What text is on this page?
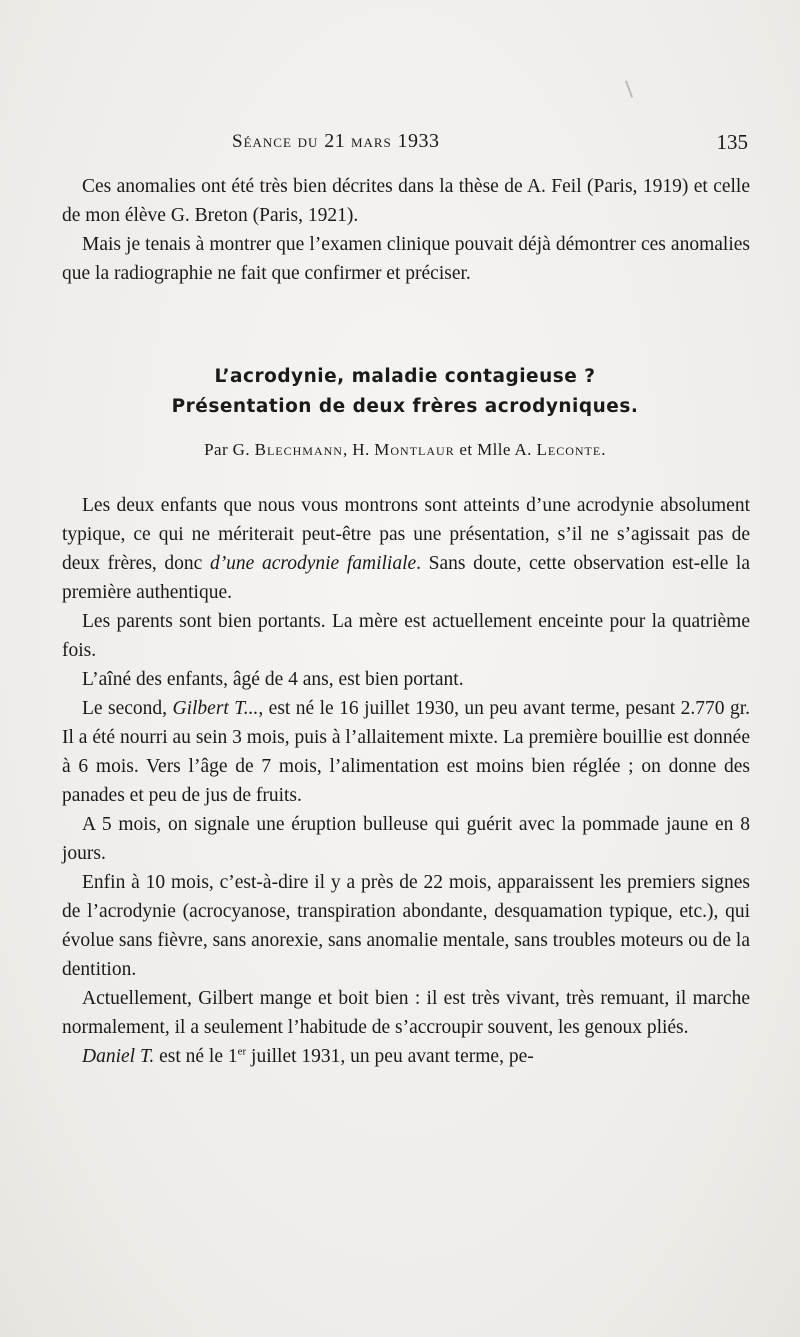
Séance du 21 mars 1933	135

Ces anomalies ont été très bien décrites dans la thèse de A. Feil (Paris, 1919) et celle de mon élève G. Breton (Paris, 1921).

Mais je tenais à montrer que l’examen clinique pouvait déjà démontrer ces anomalies que la radiographie ne fait que confirmer et préciser.

L’acrodynie, maladie contagieuse ?
Présentation de deux frères acrodyniques.
Par G. Blechmann, H. Montlaur et Mlle A. Leconte.

Les deux enfants que nous vous montrons sont atteints d’une acrodynie absolument typique, ce qui ne mériterait peut-être pas une présentation, s’il ne s’agissait pas de deux frères, donc d’une acrodynie familiale. Sans doute, cette observation est-elle la première authentique.

Les parents sont bien portants. La mère est actuellement enceinte pour la quatrième fois.

L’aîné des enfants, âgé de 4 ans, est bien portant.

Le second, Gilbert T..., est né le 16 juillet 1930, un peu avant terme, pesant 2.770 gr. Il a été nourri au sein 3 mois, puis à l’allaitement mixte. La première bouillie est donnée à 6 mois. Vers l’âge de 7 mois, l’alimentation est moins bien réglée ; on donne des panades et peu de jus de fruits.

A 5 mois, on signale une éruption bulleuse qui guérit avec la pommade jaune en 8 jours.

Enfin à 10 mois, c’est-à-dire il y a près de 22 mois, apparaissent les premiers signes de l’acrodynie (acrocyanose, transpiration abondante, desquamation typique, etc.), qui évolue sans fièvre, sans anorexie, sans anomalie mentale, sans troubles moteurs ou de la dentition.

Actuellement, Gilbert mange et boit bien : il est très vivant, très remuant, il marche normalement, il a seulement l’habitude de s’accroupir souvent, les genoux pliés.

Daniel T. est né le 1er juillet 1931, un peu avant terme, pe-
